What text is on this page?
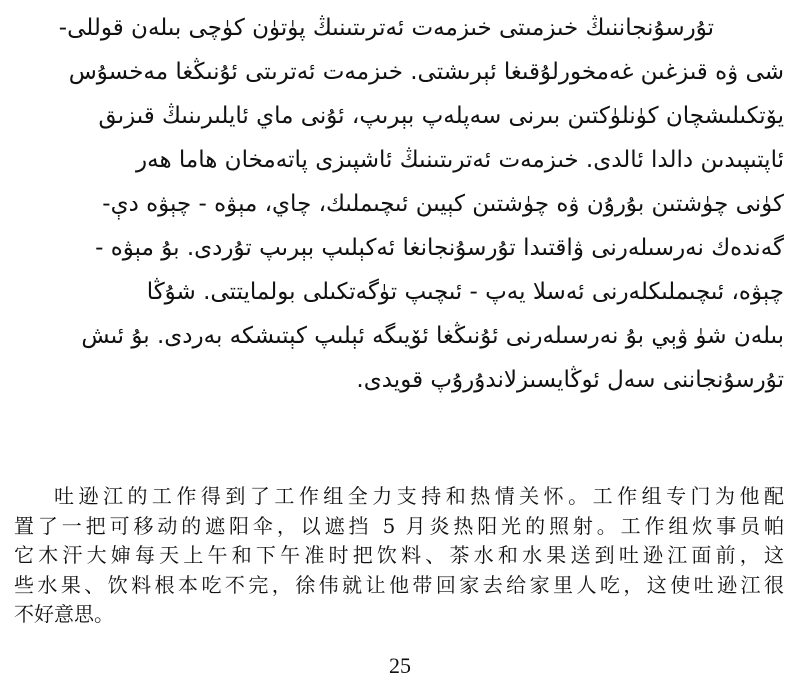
تۇرسۇنجاننىڭ خىزمىتى خىزمەت ئەترىتىنىڭ پۈتۈن كۈچى بىلەن قوللى-
شى ۋە قىزغىن غەمخورلۇقىغا ئېرىشتى. خىزمەت ئەترىتى ئۇنىڭغا مەخسۇس
يۆتكىلىشچان كۈنلۈكتىن بىرنى سەپلەپ بېرىپ، ئۇنى ماي ئايلىرىنىڭ قىزىق
ئاپتىپىدىن دالدا ئالدى. خىزمەت ئەترىتىنىڭ ئاشپىزى پاتەمخان ھاما ھەر
كۈنى چۈشتىن بۇرۇن ۋە چۈشتىن كېيىن ئىچىملىك، چاي، مېۋە - چېۋە دې-
گەندەك نەرسىلەرنى ۋاقتىدا تۇرسۇنجانغا ئەكېلىپ بېرىپ تۇردى. بۇ مېۋە -
چېۋە، ئىچىملىكلەرنى ئەسلا يەپ - ئىچىپ تۈگەتكىلى بولمايتتى. شۇڭا
بىلەن شۈ ۋېي بۇ نەرسىلەرنى ئۇنىڭغا ئۆيىگە ئېلىپ كېتىشكە بەردى. بۇ ئىش
تۇرسۇنجاننى سەل ئوڭايسىزلاندۇرۇپ قويدى.
吐逊江的工作得到了工作组全力支持和热情关怀。工作组专门为他配
置了一把可移动的遮阳伞，以遮挡 5 月炎热阳光的照射。工作组炊事员帕
它木汗大婶每天上午和下午准时把饮料、茶水和水果送到吐逊江面前，这
些水果、饮料根本吃不完，徐伟就让他带回家去给家里人吃，这使吐逊江很
不好意思。
25
